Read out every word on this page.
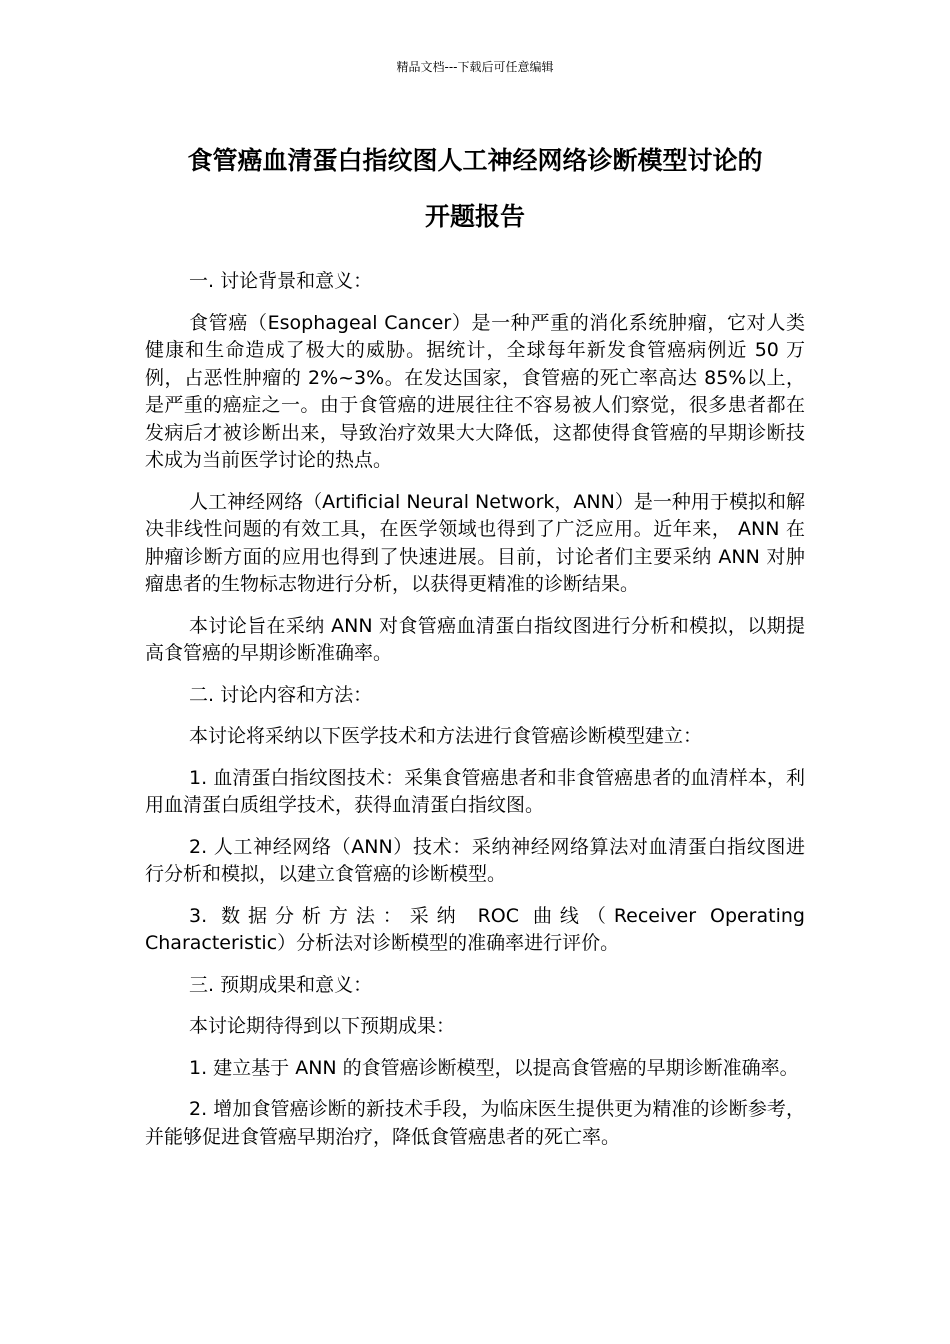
精品文档---下载后可任意编辑
食管癌血清蛋白指纹图人工神经网络诊断模型讨论的
开题报告

一. 讨论背景和意义：

食管癌（Esophageal Cancer）是一种严重的消化系统肿瘤，它对人类健康和生命造成了极大的威胁。据统计，全球每年新发食管癌病例近 50 万例，占恶性肿瘤的 2%~3%。在发达国家，食管癌的死亡率高达 85%以上，是严重的癌症之一。由于食管癌的进展往往不容易被人们察觉，很多患者都在发病后才被诊断出来，导致治疗效果大大降低，这都使得食管癌的早期诊断技术成为当前医学讨论的热点。

人工神经网络（Artificial Neural Network，ANN）是一种用于模拟和解决非线性问题的有效工具，在医学领域也得到了广泛应用。近年来， ANN 在肿瘤诊断方面的应用也得到了快速进展。目前，讨论者们主要采纳 ANN 对肿瘤患者的生物标志物进行分析，以获得更精准的诊断结果。

本讨论旨在采纳 ANN 对食管癌血清蛋白指纹图进行分析和模拟，以期提高食管癌的早期诊断准确率。

二. 讨论内容和方法：

本讨论将采纳以下医学技术和方法进行食管癌诊断模型建立：

1. 血清蛋白指纹图技术：采集食管癌患者和非食管癌患者的血清样本，利用血清蛋白质组学技术，获得血清蛋白指纹图。

2. 人工神经网络（ANN）技术：采纳神经网络算法对血清蛋白指纹图进行分析和模拟，以建立食管癌的诊断模型。

3. 数据分析方法：采纳 ROC 曲线（Receiver Operating Characteristic）分析法对诊断模型的准确率进行评价。

三. 预期成果和意义：

本讨论期待得到以下预期成果：

1. 建立基于 ANN 的食管癌诊断模型，以提高食管癌的早期诊断准确率。

2. 增加食管癌诊断的新技术手段，为临床医生提供更为精准的诊断参考，并能够促进食管癌早期治疗，降低食管癌患者的死亡率。
